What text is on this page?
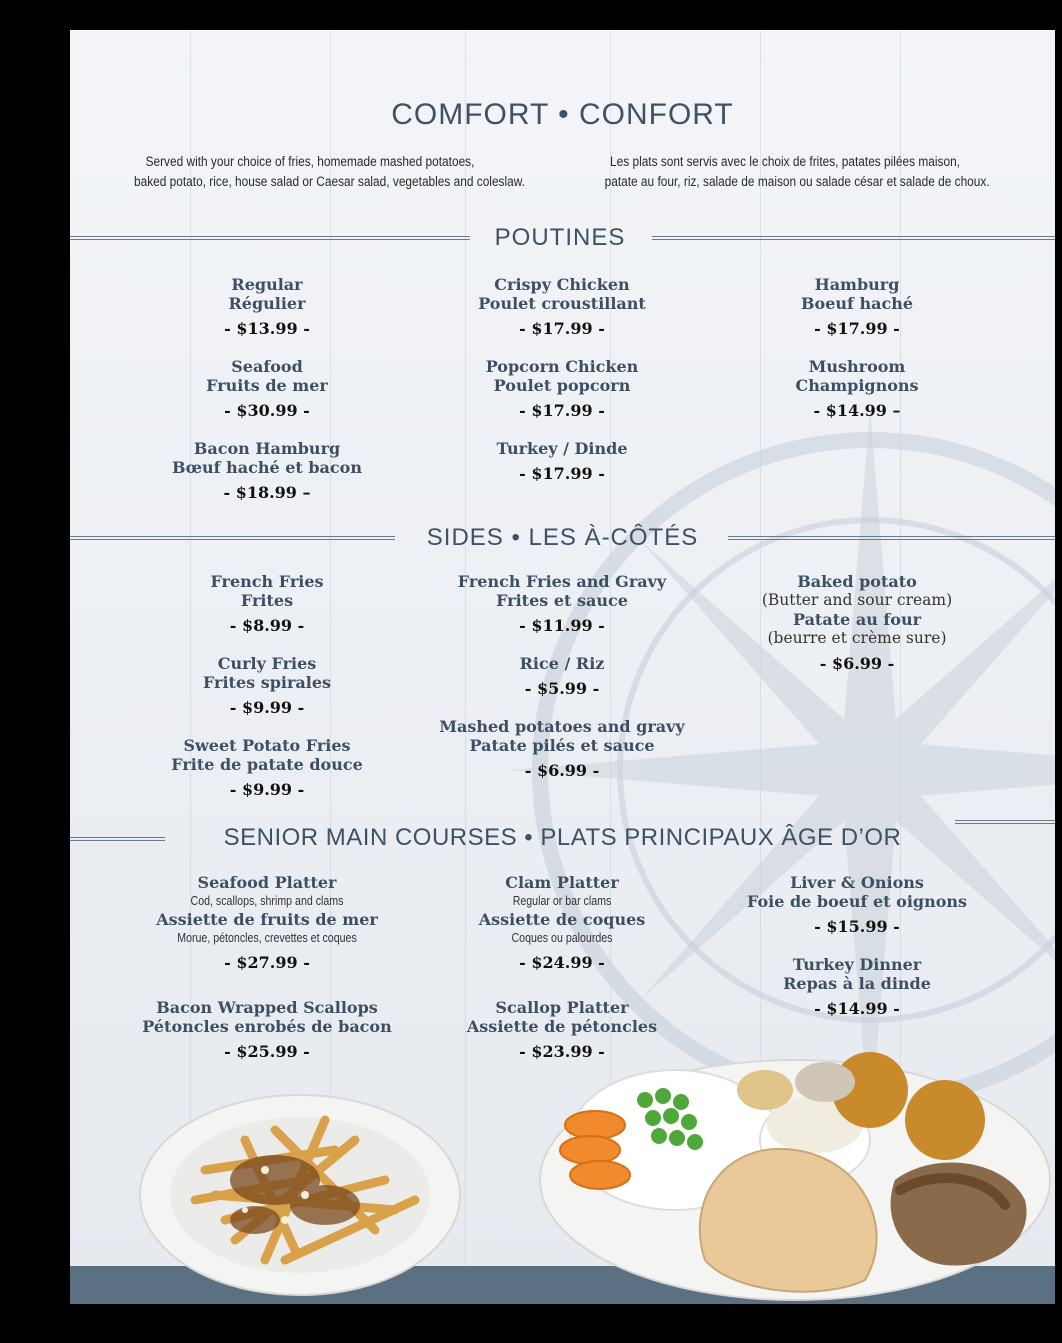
COMFORT • CONFORT
Served with your choice of fries, homemade mashed potatoes,
baked potato, rice, house salad or Caesar salad, vegetables and coleslaw.
Les plats sont servis avec le choix de frites, patates pilées maison,
patate au four, riz, salade de maison ou salade césar et salade de choux.
POUTINES
Regular
Régulier
- $13.99 -
Crispy Chicken
Poulet croustillant
- $17.99 -
Hamburg
Boeuf haché
- $17.99 -
Seafood
Fruits de mer
- $30.99 -
Popcorn Chicken
Poulet popcorn
- $17.99 -
Mushroom
Champignons
- $14.99 –
Bacon Hamburg
Bœuf haché et bacon
- $18.99 –
Turkey / Dinde
- $17.99 -
SIDES • LES À-CÔTÉS
French Fries
Frites
- $8.99 -
French Fries and Gravy
Frites et sauce
- $11.99 -
Baked potato
(Butter and sour cream)
Patate au four
(beurre et crème sure)
- $6.99 -
Curly Fries
Frites spirales
- $9.99 -
Rice / Riz
- $5.99 -
Sweet Potato Fries
Frite de patate douce
- $9.99 -
Mashed potatoes and gravy
Patate pilés et sauce
- $6.99 -
SENIOR MAIN COURSES • PLATS PRINCIPAUX ÂGE D’OR
Seafood Platter
Cod, scallops, shrimp and clams
Assiette de fruits de mer
Morue, pétoncles, crevettes et coques
- $27.99 -
Clam Platter
Regular or bar clams
Assiette de coques
Coques ou palourdes
- $24.99 -
Liver & Onions
Foie de boeuf et oignons
- $15.99 -
Bacon Wrapped Scallops
Pétoncles enrobés de bacon
- $25.99 -
Scallop Platter
Assiette de pétoncles
- $23.99 -
Turkey Dinner
Repas à la dinde
- $14.99 -
